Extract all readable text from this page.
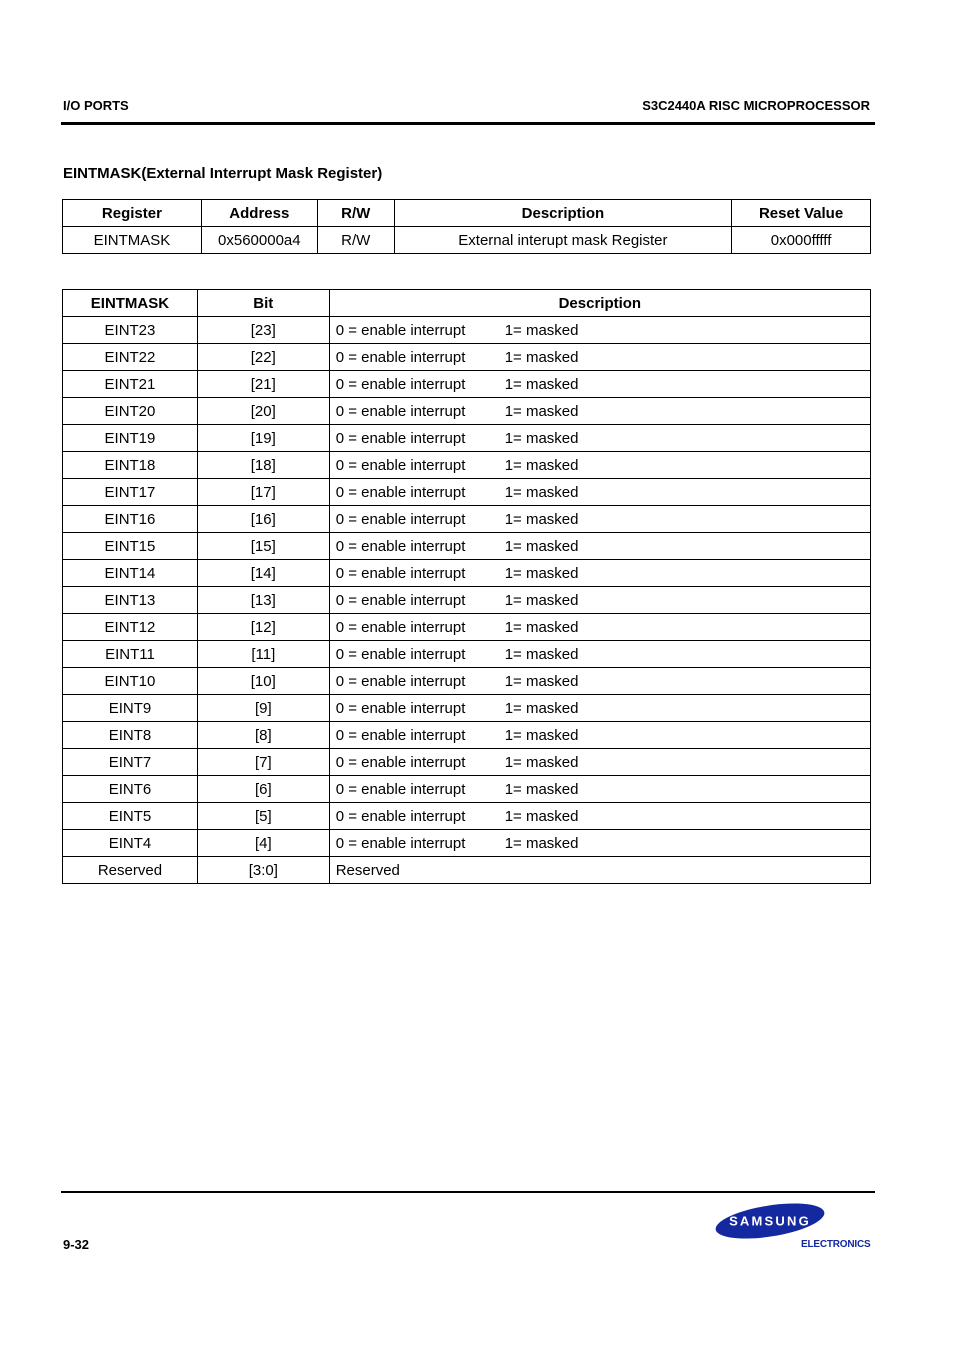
I/O PORTS	S3C2440A RISC MICROPROCESSOR
EINTMASK(External Interrupt Mask Register)
Register	Address	R/W	Description	Reset Value
EINTMASK	0x560000a4	R/W	External interupt mask Register	0x000fffff
EINTMASK	Bit	Description
EINT23	[23]	0 = enable interrupt 1= masked
EINT22	[22]	0 = enable interrupt 1= masked
EINT21	[21]	0 = enable interrupt 1= masked
EINT20	[20]	0 = enable interrupt 1= masked
EINT19	[19]	0 = enable interrupt 1= masked
EINT18	[18]	0 = enable interrupt 1= masked
EINT17	[17]	0 = enable interrupt 1= masked
EINT16	[16]	0 = enable interrupt 1= masked
EINT15	[15]	0 = enable interrupt 1= masked
EINT14	[14]	0 = enable interrupt 1= masked
EINT13	[13]	0 = enable interrupt 1= masked
EINT12	[12]	0 = enable interrupt 1= masked
EINT11	[11]	0 = enable interrupt 1= masked
EINT10	[10]	0 = enable interrupt 1= masked
EINT9	[9]	0 = enable interrupt 1= masked
EINT8	[8]	0 = enable interrupt 1= masked
EINT7	[7]	0 = enable interrupt 1= masked
EINT6	[6]	0 = enable interrupt 1= masked
EINT5	[5]	0 = enable interrupt 1= masked
EINT4	[4]	0 = enable interrupt 1= masked
Reserved	[3:0]	Reserved
9-32
SAMSUNG
ELECTRONICS
